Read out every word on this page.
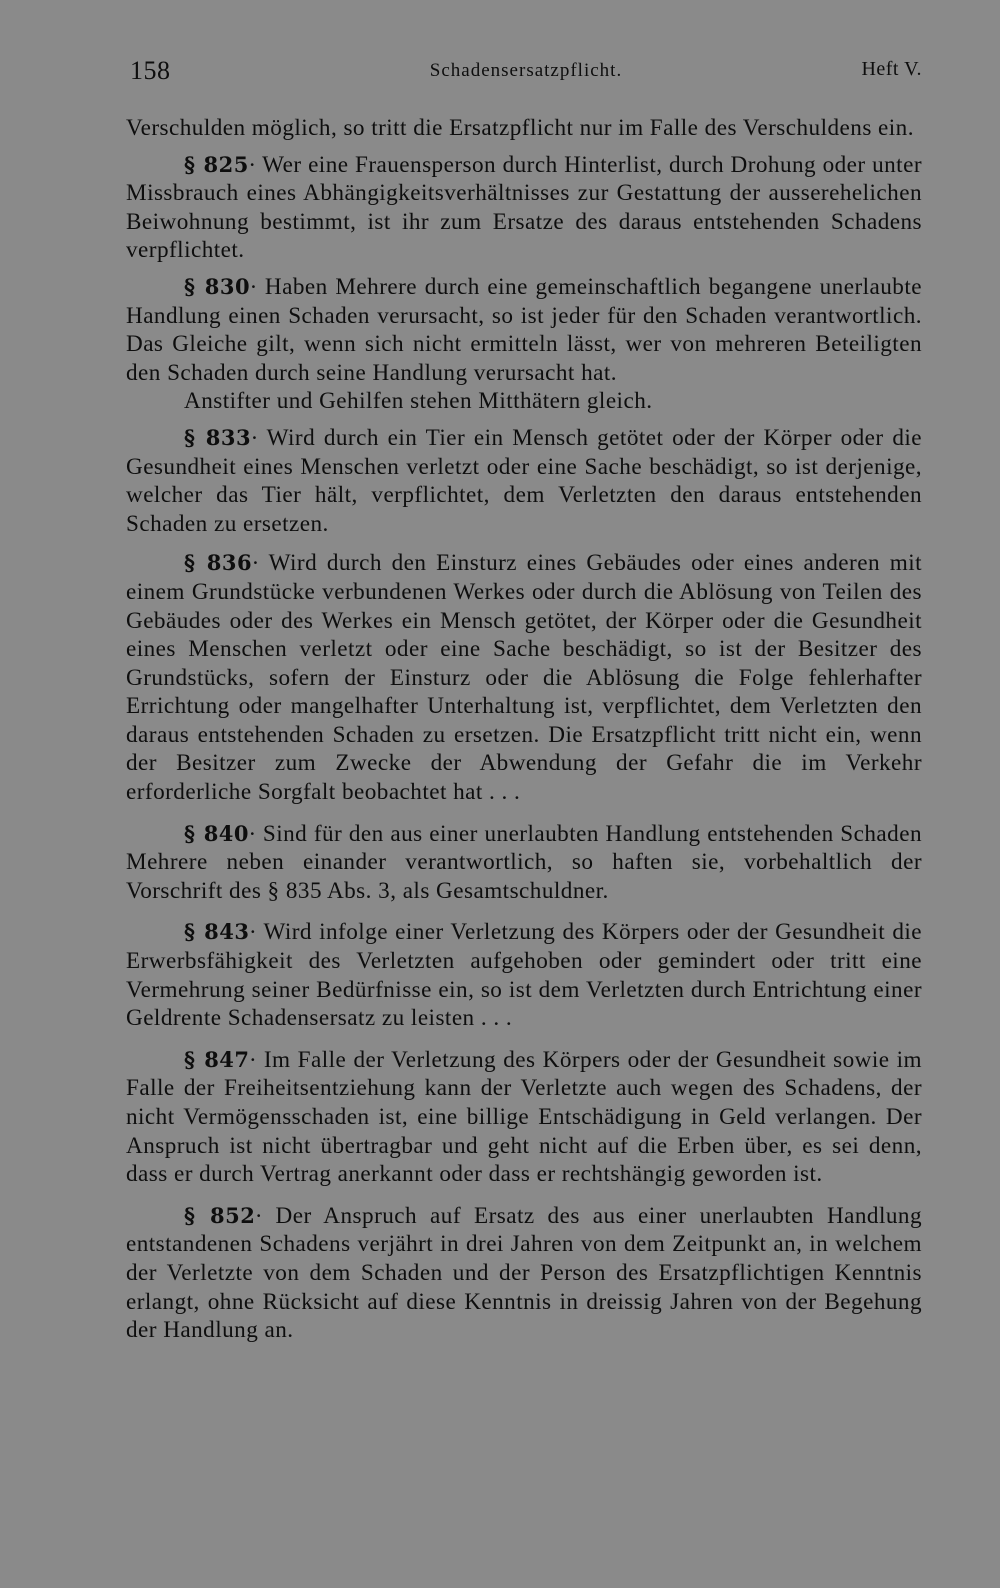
158	Schadensersatzpflicht.	Heft V.

Verschulden möglich, so tritt die Ersatzpflicht nur im Falle des Verschuldens ein.

§ 825 · Wer eine Frauensperson durch Hinterlist, durch Drohung oder unter Missbrauch eines Abhängigkeitsverhältnisses zur Gestattung der ausserehelichen Beiwohnung bestimmt, ist ihr zum Ersatze des daraus entstehenden Schadens verpflichtet.

§ 830 · Haben Mehrere durch eine gemeinschaftlich begangene unerlaubte Handlung einen Schaden verursacht, so ist jeder für den Schaden verantwortlich. Das Gleiche gilt, wenn sich nicht ermitteln lässt, wer von mehreren Beteiligten den Schaden durch seine Handlung verursacht hat.

Anstifter und Gehilfen stehen Mitthätern gleich.

§ 833 · Wird durch ein Tier ein Mensch getötet oder der Körper oder die Gesundheit eines Menschen verletzt oder eine Sache beschädigt, so ist derjenige, welcher das Tier hält, verpflichtet, dem Verletzten den daraus entstehenden Schaden zu ersetzen.

§ 836 · Wird durch den Einsturz eines Gebäudes oder eines anderen mit einem Grundstücke verbundenen Werkes oder durch die Ablösung von Teilen des Gebäudes oder des Werkes ein Mensch getötet, der Körper oder die Gesundheit eines Menschen verletzt oder eine Sache beschädigt, so ist der Besitzer des Grundstücks, sofern der Einsturz oder die Ablösung die Folge fehlerhafter Errichtung oder mangelhafter Unterhaltung ist, verpflichtet, dem Verletzten den daraus entstehenden Schaden zu ersetzen. Die Ersatzpflicht tritt nicht ein, wenn der Besitzer zum Zwecke der Abwendung der Gefahr die im Verkehr erforderliche Sorgfalt beobachtet hat . . .

§ 840 · Sind für den aus einer unerlaubten Handlung entstehenden Schaden Mehrere neben einander verantwortlich, so haften sie, vorbehaltlich der Vorschrift des § 835 Abs. 3, als Gesamtschuldner.

§ 843 · Wird infolge einer Verletzung des Körpers oder der Gesundheit die Erwerbsfähigkeit des Verletzten aufgehoben oder gemindert oder tritt eine Vermehrung seiner Bedürfnisse ein, so ist dem Verletzten durch Entrichtung einer Geldrente Schadensersatz zu leisten . . .

§ 847 · Im Falle der Verletzung des Körpers oder der Gesundheit sowie im Falle der Freiheitsentziehung kann der Verletzte auch wegen des Schadens, der nicht Vermögensschaden ist, eine billige Entschädigung in Geld verlangen. Der Anspruch ist nicht übertragbar und geht nicht auf die Erben über, es sei denn, dass er durch Vertrag anerkannt oder dass er rechtshängig geworden ist.

§ 852 · Der Anspruch auf Ersatz des aus einer unerlaubten Handlung entstandenen Schadens verjährt in drei Jahren von dem Zeitpunkt an, in welchem der Verletzte von dem Schaden und der Person des Ersatzpflichtigen Kenntnis erlangt, ohne Rücksicht auf diese Kenntnis in dreissig Jahren von der Begehung der Handlung an.
